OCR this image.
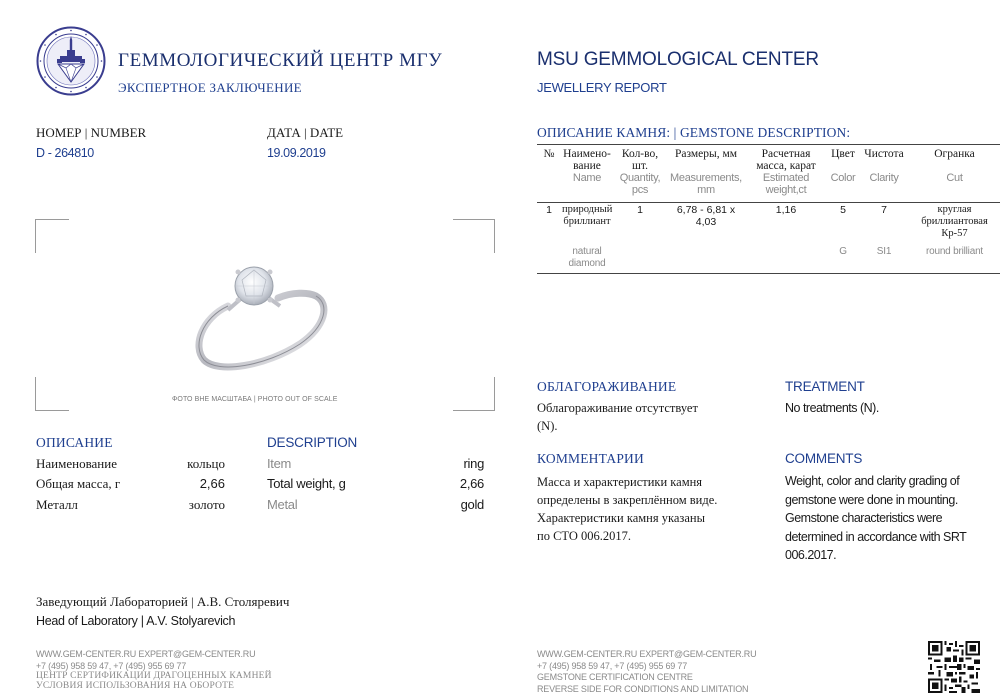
ГЕММОЛОГИЧЕСКИЙ ЦЕНТР МГУ
ЭКСПЕРТНОЕ ЗАКЛЮЧЕНИЕ
MSU GEMMOLOGICAL CENTER
JEWELLERY REPORT
НОМЕР | NUMBER
D - 264810
ДАТА | DATE
19.09.2019
ФОТО ВНЕ МАСШТАБА | PHOTO OUT OF SCALE
ОПИСАНИЕ КАМНЯ: | GEMSTONE DESCRIPTION:
№	Наимено-вание	Кол-во, шт.	Размеры, мм	Расчетная масса, карат	Цвет	Чистота	Огранка
	Name	Quantity, pcs	Measurements, mm	Estimated weight,ct	Color	Clarity	Cut
1	природный бриллиант	1	6,78 - 6,81 x 4,03	1,16	5	7	круглая бриллиантовая Кр-57
	natural diamond				G	SI1	round brilliant
ОПИСАНИЕ	DESCRIPTION
Наименование	кольцо	Item	ring
Общая масса, г	2,66	Total weight, g	2,66
Металл	золото	Metal	gold
ОБЛАГОРАЖИВАНИЕ	TREATMENT
Облагораживание отсутствует
(N).
No treatments (N).
КОММЕНТАРИИ	COMMENTS
Масса и характеристики камня
определены в закреплённом виде.
Характеристики камня указаны
по СТО 006.2017.
Weight, color and clarity grading of
gemstone were done in mounting.
Gemstone characteristics were
determined in accordance with SRT
006.2017.
Заведующий Лабораторией | А.В. Столяревич
Head of Laboratory | A.V. Stolyarevich
WWW.GEM-CENTER.RU EXPERT@GEM-CENTER.RU
+7 (495) 958 59 47, +7 (495) 955 69 77
ЦЕНТР СЕРТИФИКАЦИИ ДРАГОЦЕННЫХ КАМНЕЙ
УСЛОВИЯ ИСПОЛЬЗОВАНИЯ НА ОБОРОТЕ
WWW.GEM-CENTER.RU EXPERT@GEM-CENTER.RU
+7 (495) 958 59 47, +7 (495) 955 69 77
GEMSTONE CERTIFICATION CENTRE
REVERSE SIDE FOR CONDITIONS AND LIMITATION
